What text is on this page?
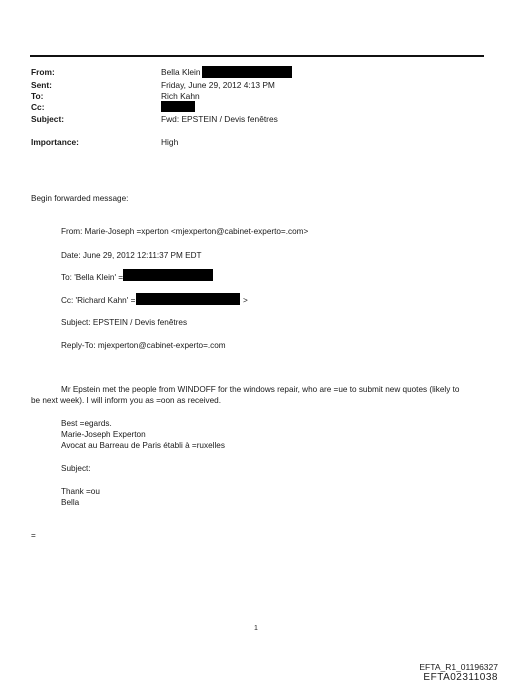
From:	Bella Klein
Sent:	Friday, June 29, 2012 4:13 PM
To:	Rich Kahn
Cc:
Subject:	Fwd: EPSTEIN / Devis fenêtres
Importance:	High
Begin forwarded message:
From: Marie-Joseph =xperton <mjexperton@cabinet-experto=.com>
Date: June 29, 2012 12:11:37 PM EDT
To: 'Bella Klein' =
Cc: 'Richard Kahn' =	>
Subject: EPSTEIN / Devis fenêtres
Reply-To: mjexperton@cabinet-experto=.com
Mr Epstein met the people from WINDOFF for the windows repair, who are =ue to submit new quotes (likely to
be next week). I will inform you as =oon as received.
Best =egards.
Marie-Joseph Experton
Avocat au Barreau de Paris établi à =ruxelles
Subject:
Thank =ou
Bella
=
1
EFTA_R1_01196327
EFTA02311038
